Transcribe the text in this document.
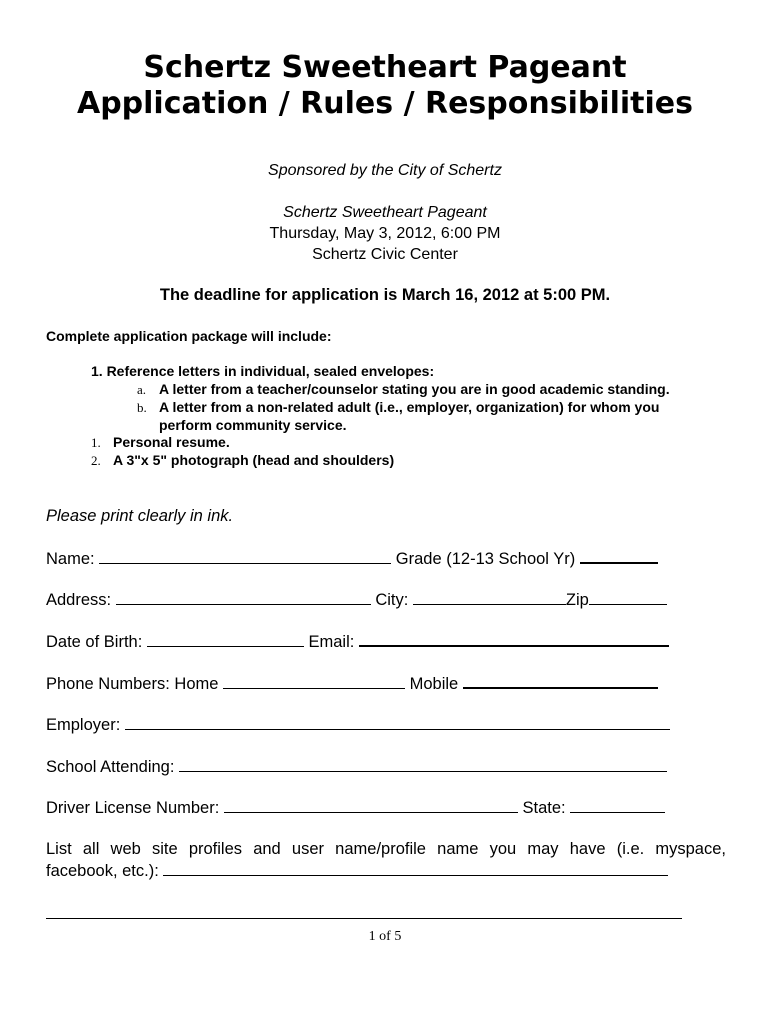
Schertz Sweetheart Pageant
Application / Rules / Responsibilities
Sponsored by the City of Schertz
Schertz Sweetheart Pageant
Thursday, May 3, 2012, 6:00 PM
Schertz Civic Center
The deadline for application is March 16, 2012 at 5:00 PM.
Complete application package will include:
1. Reference letters in individual, sealed envelopes:
a. A letter from a teacher/counselor stating you are in good academic standing.
b. A letter from a non-related adult (i.e., employer, organization) for whom you
perform community service.
1. Personal resume.
2. A 3"x 5" photograph (head and shoulders)
Please print clearly in ink.
Name:	Grade (12-13 School Yr)
Address:	City:	Zip
Date of Birth:	Email:
Phone Numbers: Home	Mobile
Employer:
School Attending:
Driver License Number:	State:
List all web site profiles and user name/profile name you may have (i.e. myspace,
facebook, etc.):
1 of 5
